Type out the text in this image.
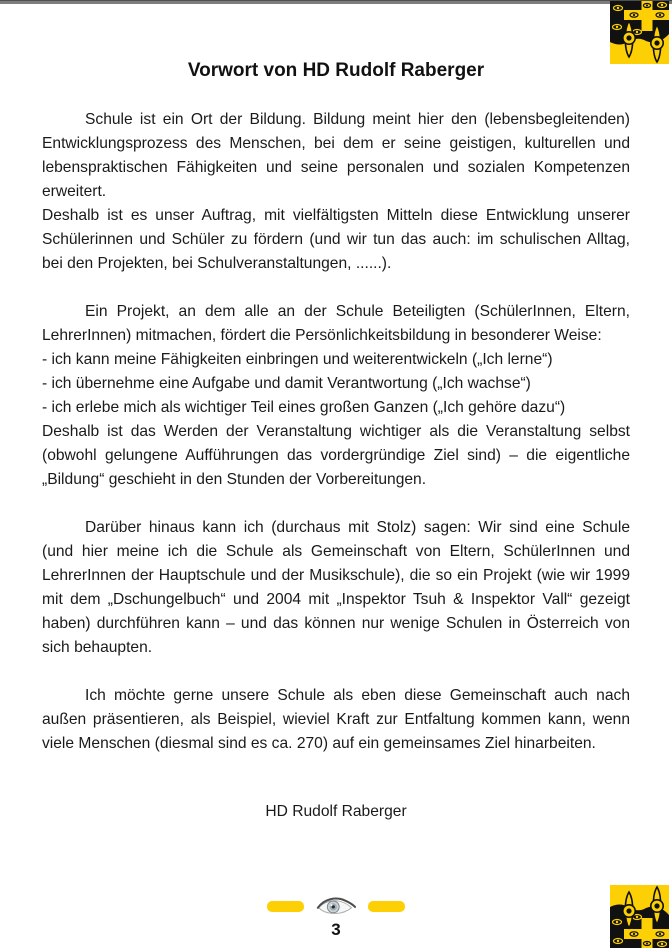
Vorwort von HD Rudolf Raberger

Schule ist ein Ort der Bildung. Bildung meint hier den (lebensbegleitenden) Entwicklungsprozess des Menschen, bei dem er seine geistigen, kulturellen und lebenspraktischen Fähigkeiten und seine personalen und sozialen Kompetenzen erweitert.

Deshalb ist es unser Auftrag, mit vielfältigsten Mitteln diese Entwicklung unserer Schülerinnen und Schüler zu fördern (und wir tun das auch: im schulischen Alltag, bei den Projekten, bei Schulveranstaltungen, ......).

Ein Projekt, an dem alle an der Schule Beteiligten (SchülerInnen, Eltern, LehrerInnen) mitmachen, fördert die Persönlichkeitsbildung in besonderer Weise:

- ich kann meine Fähigkeiten einbringen und weiterentwickeln („Ich lerne“)

- ich übernehme eine Aufgabe und damit Verantwortung („Ich wachse“)

- ich erlebe mich als wichtiger Teil eines großen Ganzen („Ich gehöre dazu“)

Deshalb ist das Werden der Veranstaltung wichtiger als die Veranstaltung selbst (obwohl gelungene Aufführungen das vordergründige Ziel sind) – die eigentliche „Bildung“ geschieht in den Stunden der Vorbereitungen.

Darüber hinaus kann ich (durchaus mit Stolz) sagen: Wir sind eine Schule (und hier meine ich die Schule als Gemeinschaft von Eltern, SchülerInnen und LehrerInnen der Hauptschule und der Musikschule), die so ein Projekt (wie wir 1999 mit dem „Dschungelbuch“ und 2004 mit „Inspektor Tsuh & Inspektor Vall“ gezeigt haben) durchführen kann – und das können nur wenige Schulen in Österreich von sich behaupten.

Ich möchte gerne unsere Schule als eben diese Gemeinschaft auch nach außen präsentieren, als Beispiel, wieviel Kraft zur Entfaltung kommen kann, wenn viele Menschen (diesmal sind es ca. 270) auf ein gemeinsames Ziel hinarbeiten.

HD Rudolf Raberger
3
